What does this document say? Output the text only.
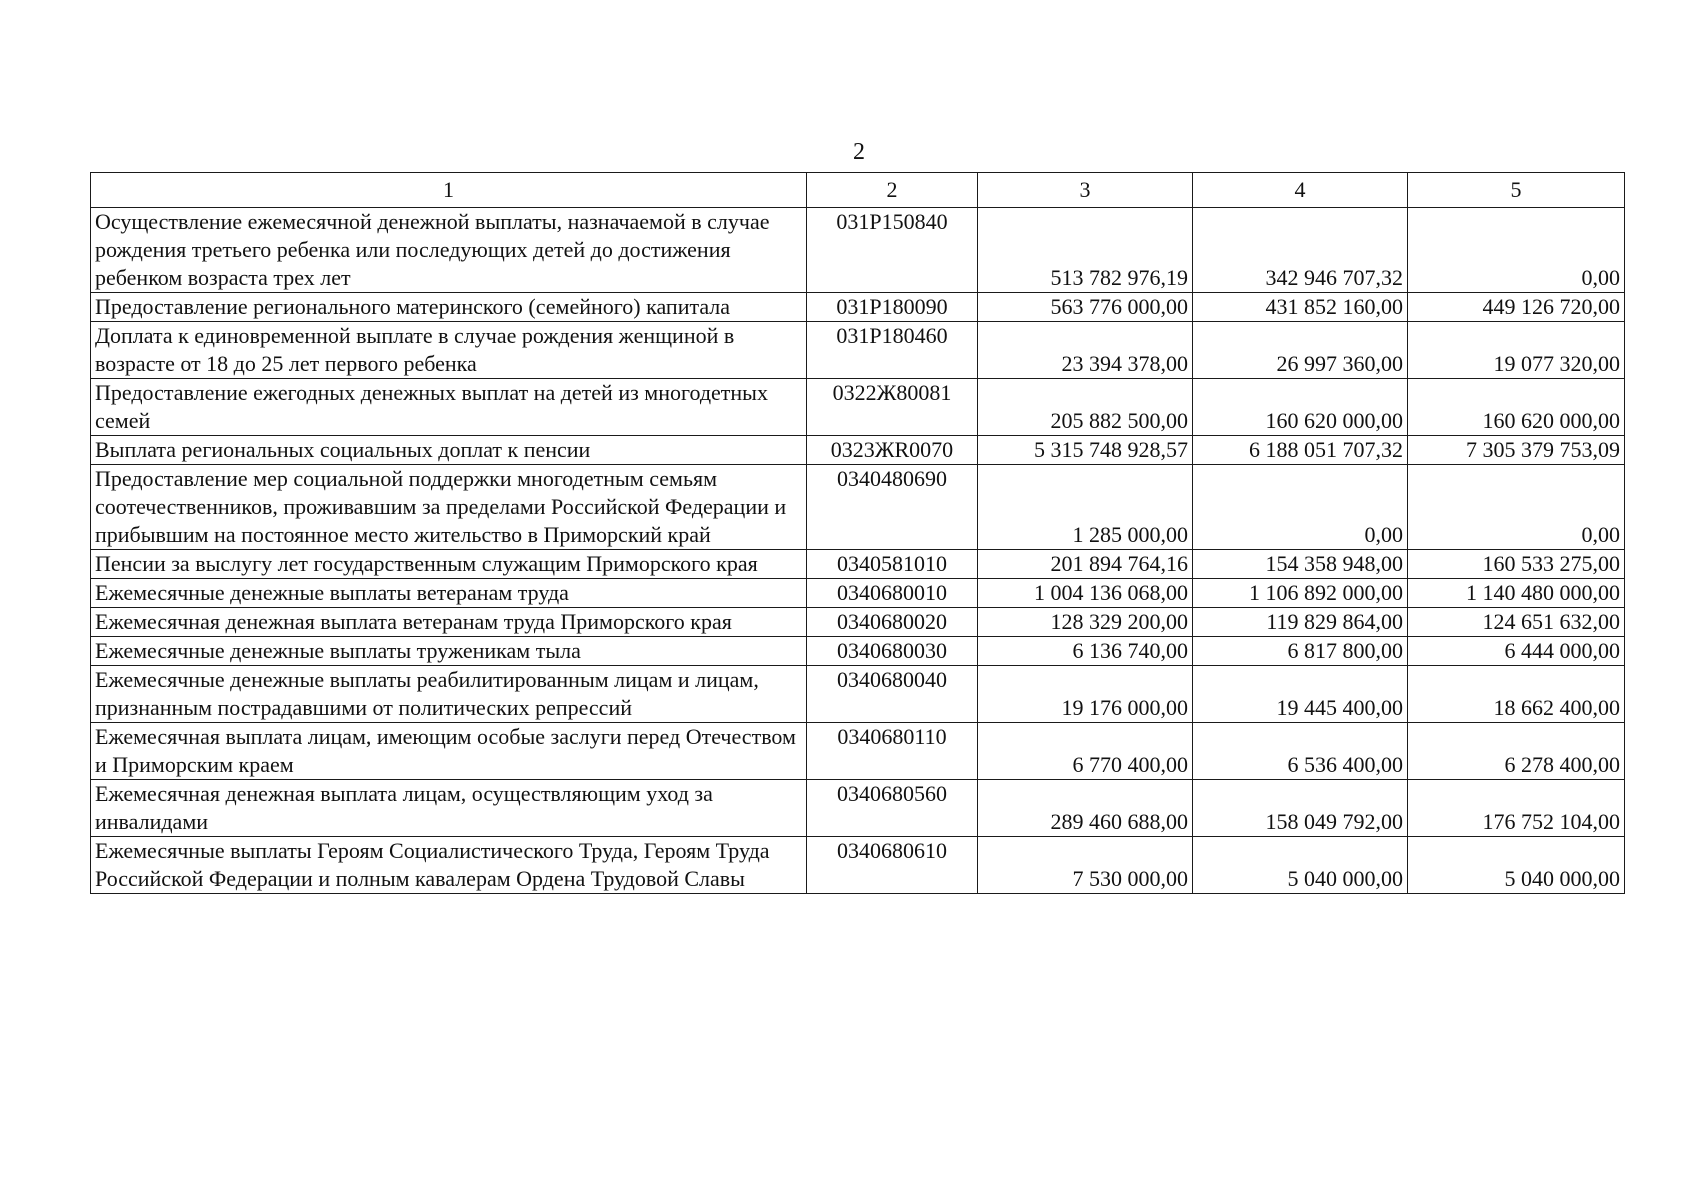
2
1	2	3	4	5
Осуществление ежемесячной денежной выплаты, назначаемой в случае рождения третьего ребенка или последующих детей до достижения ребенком возраста трех лет	031P150840	513 782 976,19	342 946 707,32	0,00
Предоставление регионального материнского (семейного) капитала	031P180090	563 776 000,00	431 852 160,00	449 126 720,00
Доплата к единовременной выплате в случае рождения женщиной в возрасте от 18 до 25 лет первого ребенка	031P180460	23 394 378,00	26 997 360,00	19 077 320,00
Предоставление ежегодных денежных выплат на детей из многодетных семей	0322Ж80081	205 882 500,00	160 620 000,00	160 620 000,00
Выплата региональных социальных доплат к пенсии	0323ЖR0070	5 315 748 928,57	6 188 051 707,32	7 305 379 753,09
Предоставление мер социальной поддержки многодетным семьям соотечественников, проживавшим за пределами Российской Федерации и прибывшим на постоянное место жительство в Приморский край	0340480690	1 285 000,00	0,00	0,00
Пенсии за выслугу лет государственным служащим Приморского края	0340581010	201 894 764,16	154 358 948,00	160 533 275,00
Ежемесячные денежные выплаты ветеранам труда	0340680010	1 004 136 068,00	1 106 892 000,00	1 140 480 000,00
Ежемесячная денежная выплата ветеранам труда Приморского края	0340680020	128 329 200,00	119 829 864,00	124 651 632,00
Ежемесячные денежные выплаты труженикам тыла	0340680030	6 136 740,00	6 817 800,00	6 444 000,00
Ежемесячные денежные выплаты реабилитированным лицам и лицам, признанным пострадавшими от политических репрессий	0340680040	19 176 000,00	19 445 400,00	18 662 400,00
Ежемесячная выплата лицам, имеющим особые заслуги перед Отечеством и Приморским краем	0340680110	6 770 400,00	6 536 400,00	6 278 400,00
Ежемесячная денежная выплата лицам, осуществляющим уход за инвалидами	0340680560	289 460 688,00	158 049 792,00	176 752 104,00
Ежемесячные выплаты Героям Социалистического Труда, Героям Труда Российской Федерации и полным кавалерам Ордена Трудовой Славы	0340680610	7 530 000,00	5 040 000,00	5 040 000,00
